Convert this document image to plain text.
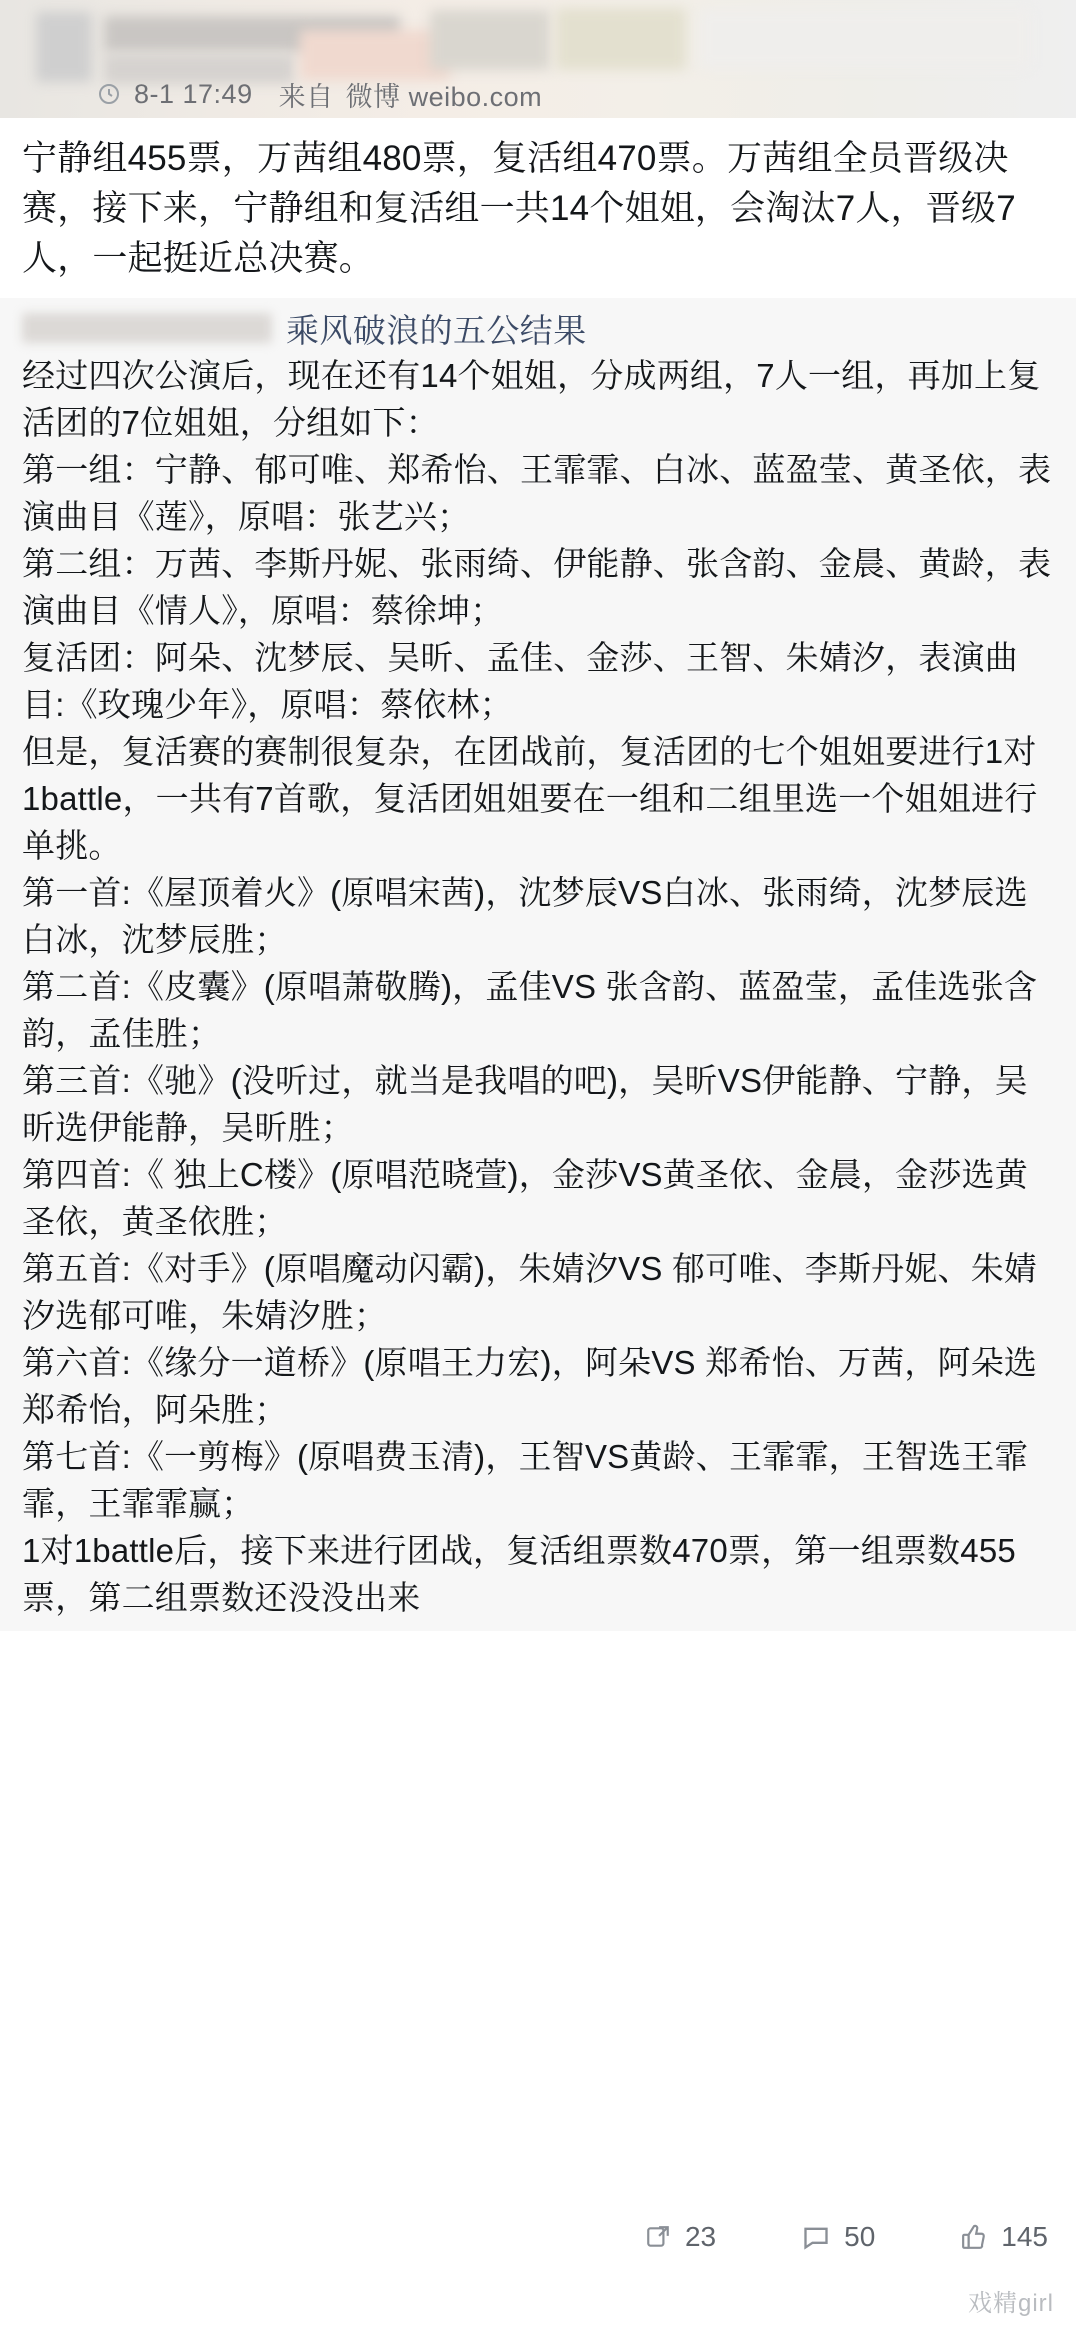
8-1 17:49 来自 微博 weibo.com
宁静组455票，万茜组480票，复活组470票。万茜组全员晋级决赛，接下来，宁静组和复活组一共14个姐姐，会淘汰7人，晋级7人，一起挺近总决赛。
乘风破浪的五公结果

经过四次公演后，现在还有14个姐姐，分成两组，7人一组，再加上复活团的7位姐姐，分组如下：

第一组：宁静、郁可唯、郑希怡、王霏霏、白冰、蓝盈莹、黄圣依，表演曲目《莲》，原唱：张艺兴；

第二组：万茜、李斯丹妮、张雨绮、伊能静、张含韵、金晨、黄龄，表演曲目《情人》，原唱：蔡徐坤；

复活团：阿朵、沈梦辰、吴昕、孟佳、金莎、王智、朱婧汐，表演曲目:《玫瑰少年》，原唱：蔡依林；

但是，复活赛的赛制很复杂，在团战前，复活团的七个姐姐要进行1对1battle，一共有7首歌，复活团姐姐要在一组和二组里选一个姐姐进行单挑。

第一首:《屋顶着火》(原唱宋茜)，沈梦辰VS白冰、张雨绮，沈梦辰选白冰，沈梦辰胜；

第二首:《皮囊》(原唱萧敬腾)，孟佳VS 张含韵、蓝盈莹，孟佳选张含韵，孟佳胜；

第三首:《驰》(没听过，就当是我唱的吧)，吴昕VS伊能静、宁静，吴昕选伊能静，吴昕胜；

第四首:《 独上C楼》(原唱范晓萱)，金莎VS黄圣依、金晨，金莎选黄圣依，黄圣依胜；

第五首:《对手》(原唱魔动闪霸)，朱婧汐VS 郁可唯、李斯丹妮、朱婧汐选郁可唯，朱婧汐胜；

第六首:《缘分一道桥》(原唱王力宏)，阿朵VS 郑希怡、万茜，阿朵选郑希怡，阿朵胜；

第七首:《一剪梅》(原唱费玉清)，王智VS黄龄、王霏霏，王智选王霏霏，王霏霏赢；

1对1battle后，接下来进行团战，复活组票数470票，第一组票数455票，第二组票数还没没出来

23	50	145
戏精girl
